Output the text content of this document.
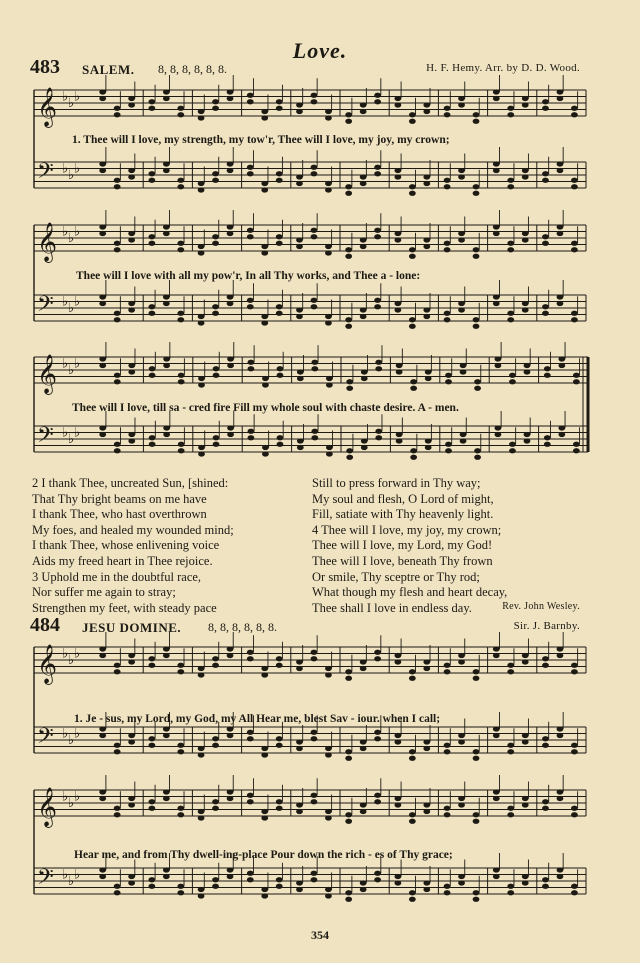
Love.
483 SALEM. 8, 8, 8, 8, 8, 8.	H. F. Hemy. Arr. by D. D. Wood.
𝄞 ♭ ♭ ♭
𝄢 ♭ ♭ ♭
𝄞 ♭ ♭ ♭
𝄢 ♭ ♭ ♭
𝄞 ♭ ♭ ♭
𝄢 ♭ ♭ ♭
𝄞 ♭ ♭ ♭
𝄢 ♭ ♭ ♭
𝄞 ♭ ♭ ♭
𝄢 ♭ ♭ ♭
1. Thee will I love, my strength, my tow'r, Thee will I love, my joy, my crown;
Thee will I love with all my pow'r, In all Thy works, and Thee a - lone:
Thee will I love, till sa - cred fire Fill my whole soul with chaste desire. A - men.
2 I thank Thee, uncreated Sun, [shined:
That Thy bright beams on me have
I thank Thee, who hast overthrown
My foes, and healed my wounded mind;
I thank Thee, whose enlivening voice
Aids my freed heart in Thee rejoice.
3 Uphold me in the doubtful race,
Nor suffer me again to stray;
Strengthen my feet, with steady pace
Still to press forward in Thy way;
My soul and flesh, O Lord of might,
Fill, satiate with Thy heavenly light.
4 Thee will I love, my joy, my crown;
Thee will I love, my Lord, my God!
Thee will I love, beneath Thy frown
Or smile, Thy sceptre or Thy rod;
What though my flesh and heart decay,
Thee shall I love in endless day.	Rev. John Wesley.
484 JESU DOMINE. 8, 8, 8, 8, 8, 8.	Sir. J. Barnby.
1. Je - sus, my Lord, my God, my All Hear me, blest Sav - iour. when I call;
Hear me, and from Thy dwell-ing-place Pour down the rich - es of Thy grace;
354
